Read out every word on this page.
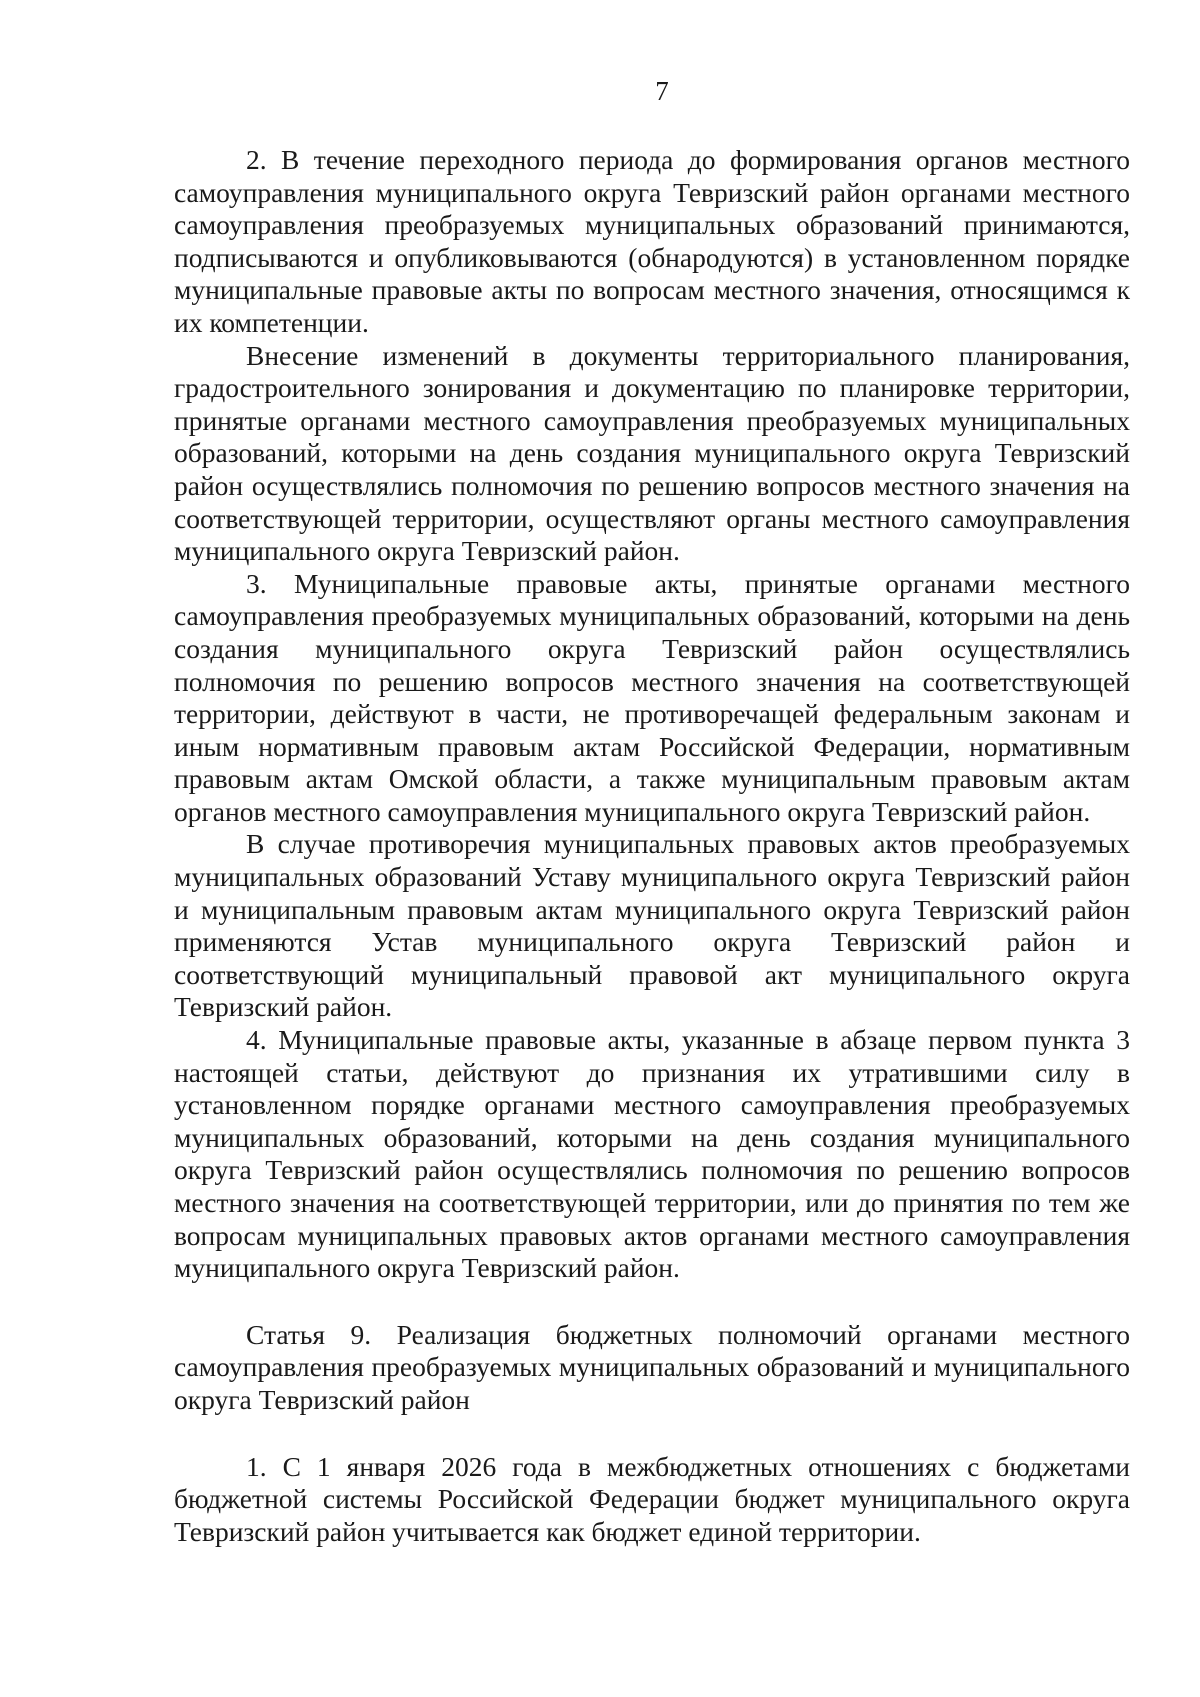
7

2. В течение переходного периода до формирования органов местного самоуправления муниципального округа Тевризский район органами местного самоуправления преобразуемых муниципальных образований принимаются, подписываются и опубликовываются (обнародуются) в установленном порядке муниципальные правовые акты по вопросам местного значения, относящимся к их компетенции.

Внесение изменений в документы территориального планирования, градостроительного зонирования и документацию по планировке территории, принятые органами местного самоуправления преобразуемых муниципальных образований, которыми на день создания муниципального округа Тевризский район осуществлялись полномочия по решению вопросов местного значения на соответствующей территории, осуществляют органы местного самоуправления муниципального округа Тевризский район.

3. Муниципальные правовые акты, принятые органами местного самоуправления преобразуемых муниципальных образований, которыми на день создания муниципального округа Тевризский район осуществлялись полномочия по решению вопросов местного значения на соответствующей территории, действуют в части, не противоречащей федеральным законам и иным нормативным правовым актам Российской Федерации, нормативным правовым актам Омской области, а также муниципальным правовым актам органов местного самоуправления муниципального округа Тевризский район.

В случае противоречия муниципальных правовых актов преобразуемых муниципальных образований Уставу муниципального округа Тевризский район и муниципальным правовым актам муниципального округа Тевризский район применяются Устав муниципального округа Тевризский район и соответствующий муниципальный правовой акт муниципального округа Тевризский район.

4. Муниципальные правовые акты, указанные в абзаце первом пункта 3 настоящей статьи, действуют до признания их утратившими силу в установленном порядке органами местного самоуправления преобразуемых муниципальных образований, которыми на день создания муниципального округа Тевризский район осуществлялись полномочия по решению вопросов местного значения на соответствующей территории, или до принятия по тем же вопросам муниципальных правовых актов органами местного самоуправления муниципального округа Тевризский район.

Статья 9. Реализация бюджетных полномочий органами местного самоуправления преобразуемых муниципальных образований и муниципального округа Тевризский район

1. С 1 января 2026 года в межбюджетных отношениях с бюджетами бюджетной системы Российской Федерации бюджет муниципального округа Тевризский район учитывается как бюджет единой территории.
